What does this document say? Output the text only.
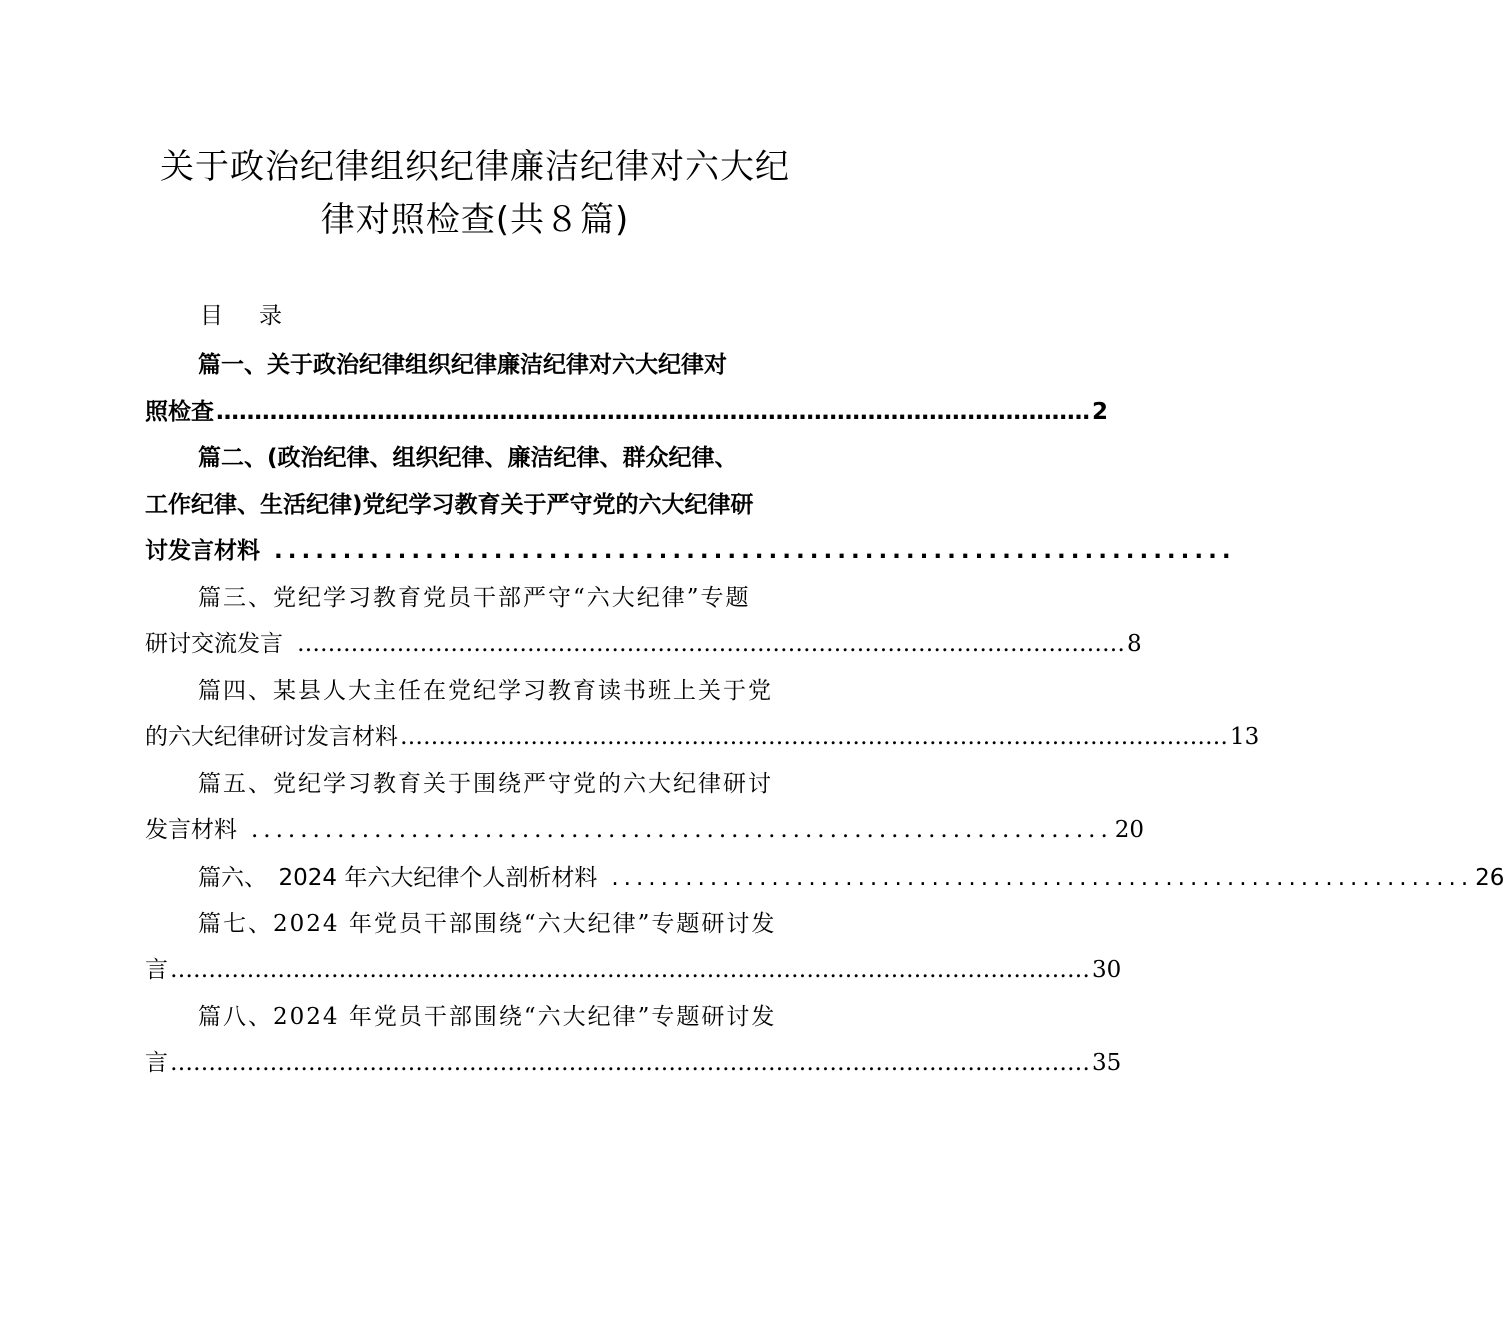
关于政治纪律组织纪律廉洁纪律对六大纪
律对照检查(共８篇)
目 录
篇一、关于政治纪律组织纪律廉洁纪律对六大纪律对
照检查 …………………………………………………………………………………………………… 2
篇二、(政治纪律、组织纪律、廉洁纪律、群众纪律、
工作纪律、生活纪律)党纪学习教育关于严守党的六大纪律研
讨发言材料 ......................................................................
篇三、党纪学习教育党员干部严守“六大纪律”专题
研讨交流发言 ……………………………………………………………………………………………… 8
篇四、某县人大主任在党纪学习教育读书班上关于党
的六大纪律研讨发言材料 ……………………………………………………………………………………………… 13
篇五、党纪学习教育关于围绕严守党的六大纪律研讨
发言材料 ...................................................................... 20
篇六、　2024 年六大纪律个人剖析材料 ...................................................................... 26
篇七、2024 年党员干部围绕“六大纪律”专题研讨发
言 ………………………………………………………………………………………………………… 30
篇八、2024 年党员干部围绕“六大纪律”专题研讨发
言 ………………………………………………………………………………………………………… 35
